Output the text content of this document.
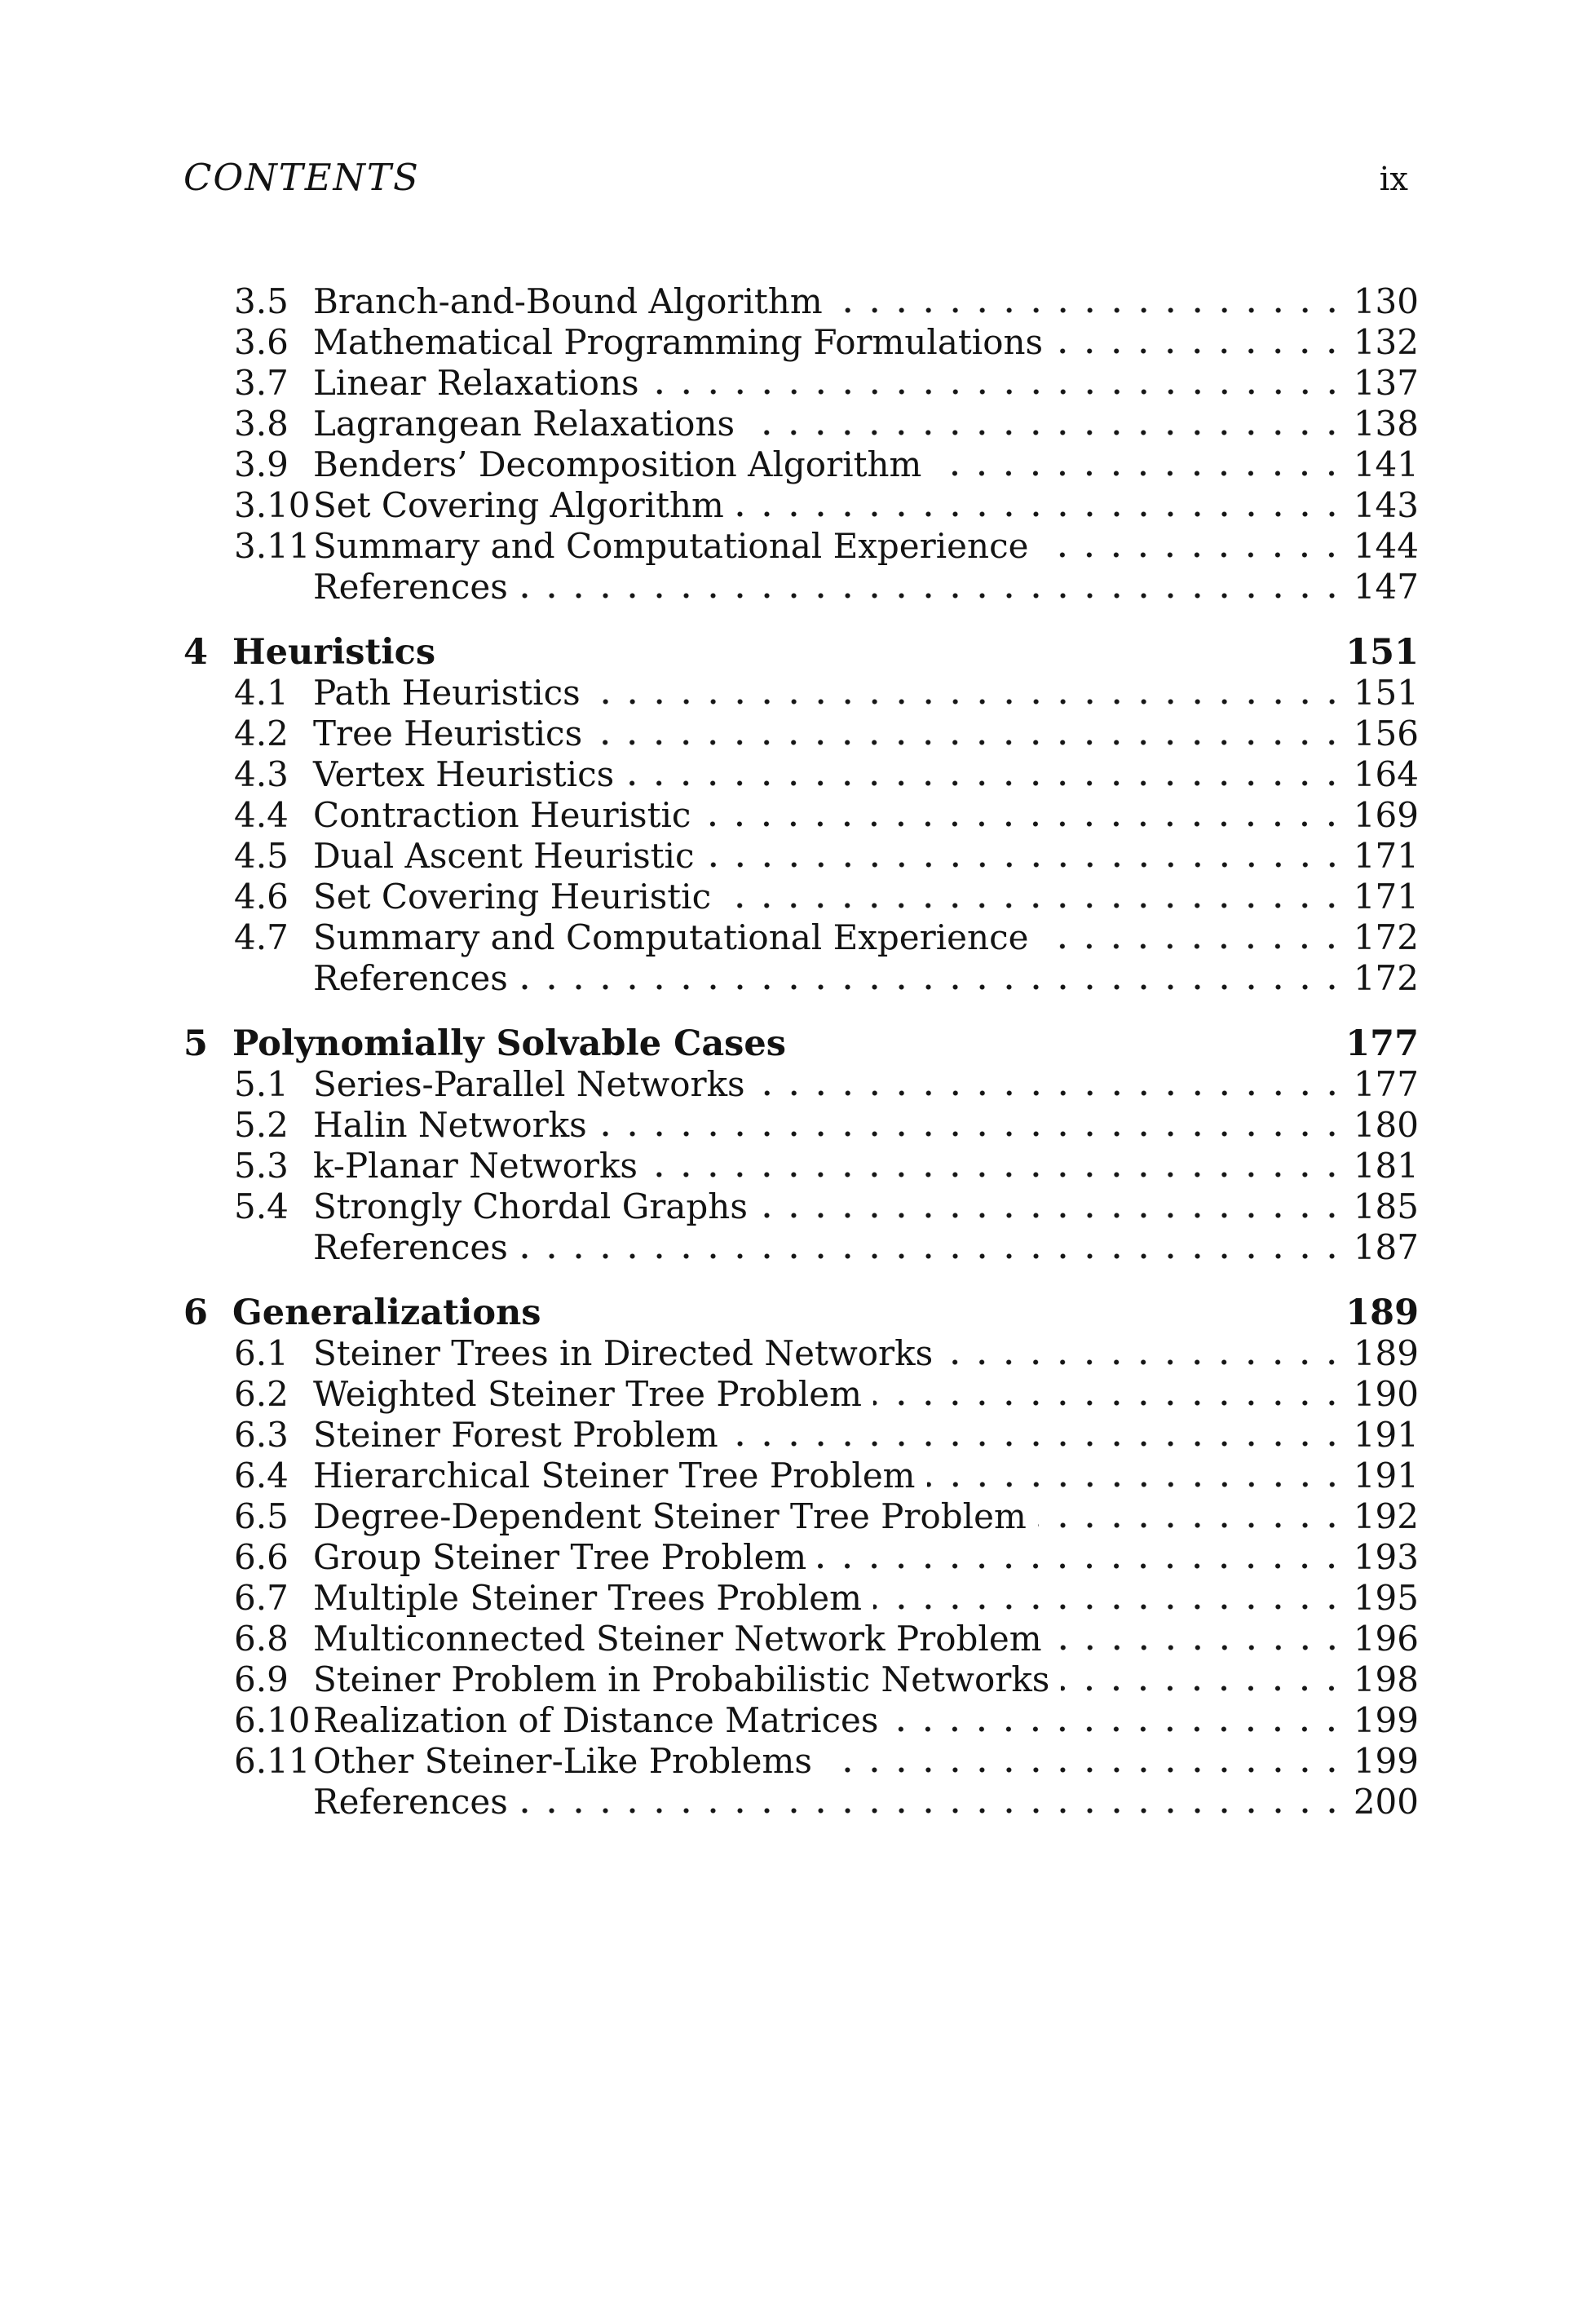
CONTENTS	ix
3.5 Branch-and-Bound Algorithm	130
3.6 Mathematical Programming Formulations	132
3.7 Linear Relaxations	137
3.8 Lagrangean Relaxations	138
3.9 Benders’ Decomposition Algorithm	141
3.10 Set Covering Algorithm	143
3.11 Summary and Computational Experience	144
References	147
4 Heuristics	151
4.1 Path Heuristics	151
4.2 Tree Heuristics	156
4.3 Vertex Heuristics	164
4.4 Contraction Heuristic	169
4.5 Dual Ascent Heuristic	171
4.6 Set Covering Heuristic	171
4.7 Summary and Computational Experience	172
References	172
5 Polynomially Solvable Cases	177
5.1 Series-Parallel Networks	177
5.2 Halin Networks	180
5.3 k-Planar Networks	181
5.4 Strongly Chordal Graphs	185
References	187
6 Generalizations	189
6.1 Steiner Trees in Directed Networks	189
6.2 Weighted Steiner Tree Problem	190
6.3 Steiner Forest Problem	191
6.4 Hierarchical Steiner Tree Problem	191
6.5 Degree-Dependent Steiner Tree Problem	192
6.6 Group Steiner Tree Problem	193
6.7 Multiple Steiner Trees Problem	195
6.8 Multiconnected Steiner Network Problem	196
6.9 Steiner Problem in Probabilistic Networks	198
6.10 Realization of Distance Matrices	199
6.11 Other Steiner-Like Problems	199
References	200
